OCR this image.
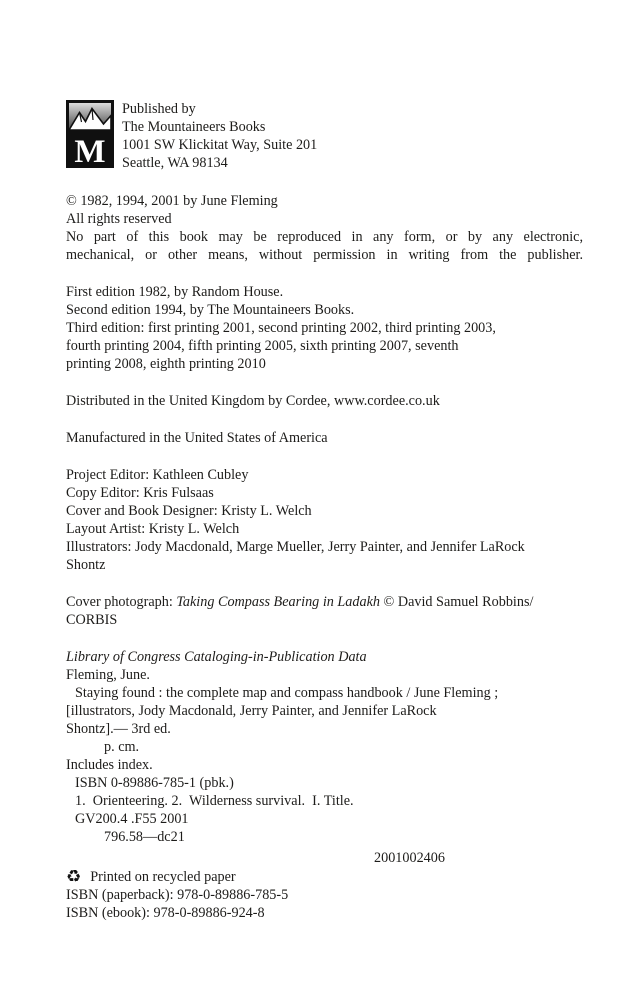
M
Published by
The Mountaineers Books
1001 SW Klickitat Way, Suite 201
Seattle, WA 98134
© 1982, 1994, 2001 by June Fleming
All rights reserved
No part of this book may be reproduced in any form, or by any electronic,
mechanical, or other means, without permission in writing from the publisher.
First edition 1982, by Random House.
Second edition 1994, by The Mountaineers Books.
Third edition: first printing 2001, second printing 2002, third printing 2003,
fourth printing 2004, fifth printing 2005, sixth printing 2007, seventh
printing 2008, eighth printing 2010
Distributed in the United Kingdom by Cordee, www.cordee.co.uk
Manufactured in the United States of America
Project Editor: Kathleen Cubley
Copy Editor: Kris Fulsaas
Cover and Book Designer: Kristy L. Welch
Layout Artist: Kristy L. Welch
Illustrators: Jody Macdonald, Marge Mueller, Jerry Painter, and Jennifer LaRock
Shontz
Cover photograph: Taking Compass Bearing in Ladakh © David Samuel Robbins/
CORBIS
Library of Congress Cataloging-in-Publication Data
Fleming, June.
Staying found : the complete map and compass handbook / June Fleming ;
[illustrators, Jody Macdonald, Jerry Painter, and Jennifer LaRock
Shontz].— 3rd ed.
p. cm.
Includes index.
ISBN 0-89886-785-1 (pbk.)
1.  Orienteering. 2.  Wilderness survival.  I. Title.
GV200.4 .F55 2001
796.58—dc21
2001002406
♻ Printed on recycled paper
ISBN (paperback): 978-0-89886-785-5
ISBN (ebook): 978-0-89886-924-8
